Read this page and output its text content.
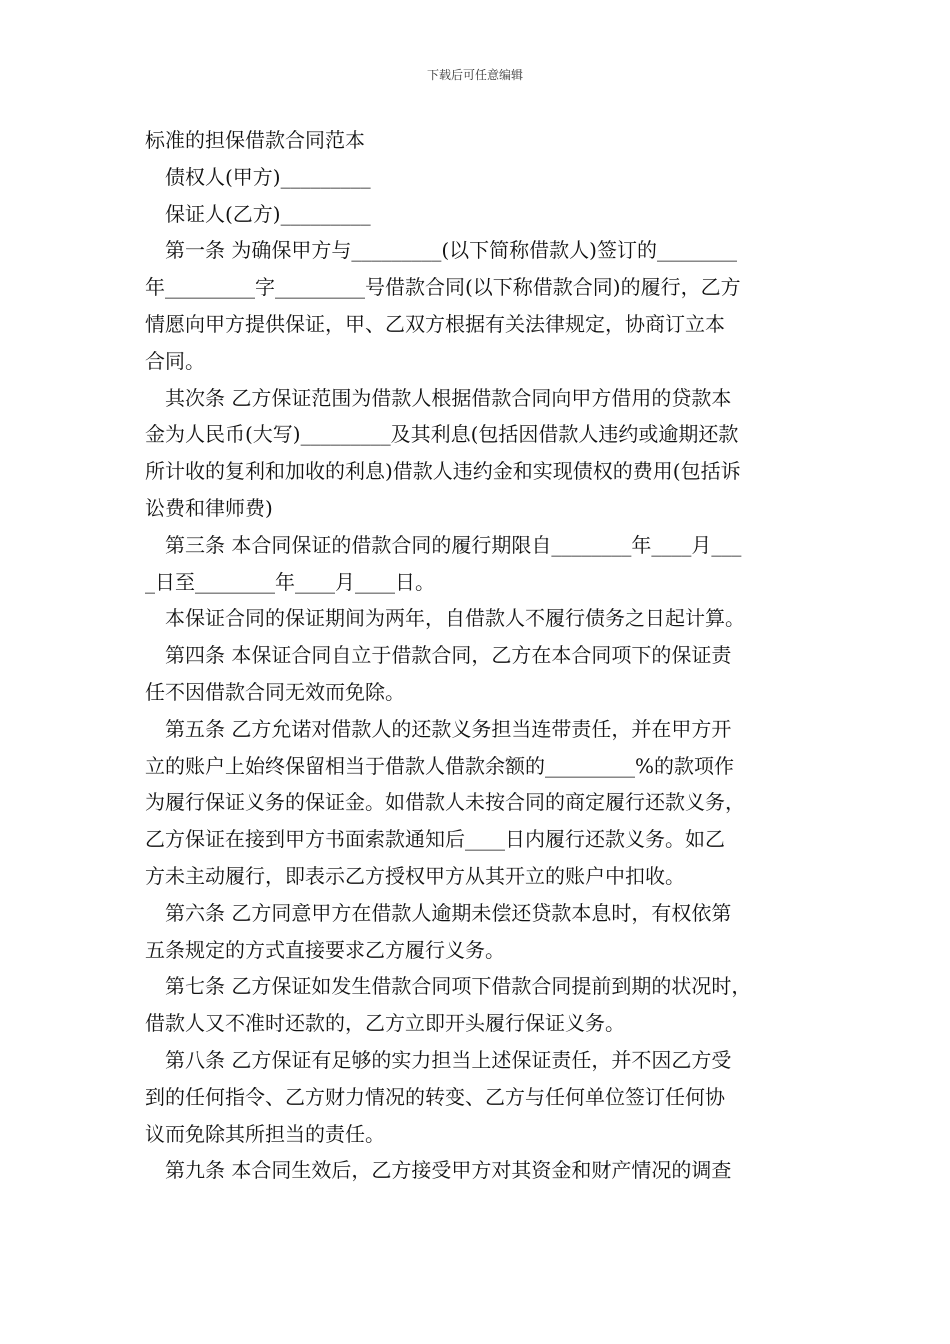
下载后可任意编辑
标准的担保借款合同范本
债权人(甲方)_________
保证人(乙方)_________
第一条 为确保甲方与_________(以下简称借款人)签订的________
年_________字_________号借款合同(以下称借款合同)的履行，乙方
情愿向甲方提供保证，甲、乙双方根据有关法律规定，协商订立本
合同。
其次条 乙方保证范围为借款人根据借款合同向甲方借用的贷款本
金为人民币(大写)_________及其利息(包括因借款人违约或逾期还款
所计收的复利和加收的利息)借款人违约金和实现债权的费用(包括诉
讼费和律师费)
第三条 本合同保证的借款合同的履行期限自________年____月___
_日至________年____月____日。
本保证合同的保证期间为两年，自借款人不履行债务之日起计算。
第四条 本保证合同自立于借款合同，乙方在本合同项下的保证责
任不因借款合同无效而免除。
第五条 乙方允诺对借款人的还款义务担当连带责任，并在甲方开
立的账户上始终保留相当于借款人借款余额的_________%的款项作
为履行保证义务的保证金。如借款人未按合同的商定履行还款义务，
乙方保证在接到甲方书面索款通知后____日内履行还款义务。如乙
方未主动履行，即表示乙方授权甲方从其开立的账户中扣收。
第六条 乙方同意甲方在借款人逾期未偿还贷款本息时，有权依第
五条规定的方式直接要求乙方履行义务。
第七条 乙方保证如发生借款合同项下借款合同提前到期的状况时，
借款人又不准时还款的，乙方立即开头履行保证义务。
第八条 乙方保证有足够的实力担当上述保证责任，并不因乙方受
到的任何指令、乙方财力情况的转变、乙方与任何单位签订任何协
议而免除其所担当的责任。
第九条 本合同生效后，乙方接受甲方对其资金和财产情况的调查
